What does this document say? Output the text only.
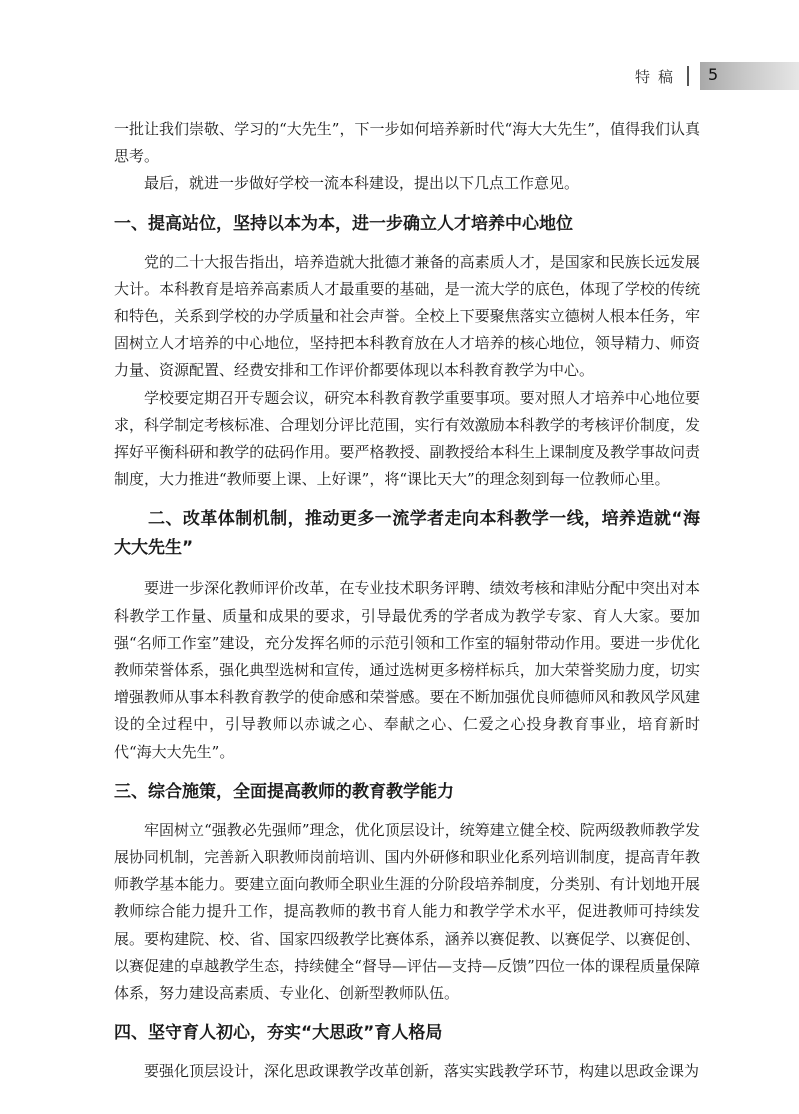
特稿 5

一批让我们崇敬、学习的“大先生”，下一步如何培养新时代“海大大先生”，值得我们认真思考。

最后，就进一步做好学校一流本科建设，提出以下几点工作意见。

一、提高站位，坚持以本为本，进一步确立人才培养中心地位

党的二十大报告指出，培养造就大批德才兼备的高素质人才，是国家和民族长远发展大计。本科教育是培养高素质人才最重要的基础，是一流大学的底色，体现了学校的传统和特色，关系到学校的办学质量和社会声誉。全校上下要聚焦落实立德树人根本任务，牢固树立人才培养的中心地位，坚持把本科教育放在人才培养的核心地位，领导精力、师资力量、资源配置、经费安排和工作评价都要体现以本科教育教学为中心。

学校要定期召开专题会议，研究本科教育教学重要事项。要对照人才培养中心地位要求，科学制定考核标准、合理划分评比范围，实行有效激励本科教学的考核评价制度，发挥好平衡科研和教学的砝码作用。要严格教授、副教授给本科生上课制度及教学事故问责制度，大力推进“教师要上课、上好课”，将“课比天大”的理念刻到每一位教师心里。

二、改革体制机制，推动更多一流学者走向本科教学一线，培养造就“海大大先生”

要进一步深化教师评价改革，在专业技术职务评聘、绩效考核和津贴分配中突出对本科教学工作量、质量和成果的要求，引导最优秀的学者成为教学专家、育人大家。要加强“名师工作室”建设，充分发挥名师的示范引领和工作室的辐射带动作用。要进一步优化教师荣誉体系，强化典型选树和宣传，通过选树更多榜样标兵，加大荣誉奖励力度，切实增强教师从事本科教育教学的使命感和荣誉感。要在不断加强优良师德师风和教风学风建设的全过程中，引导教师以赤诚之心、奉献之心、仁爱之心投身教育事业，培育新时代“海大大先生”。

三、综合施策，全面提高教师的教育教学能力

牢固树立“强教必先强师”理念，优化顶层设计，统筹建立健全校、院两级教师教学发展协同机制，完善新入职教师岗前培训、国内外研修和职业化系列培训制度，提高青年教师教学基本能力。要建立面向教师全职业生涯的分阶段培养制度，分类别、有计划地开展教师综合能力提升工作，提高教师的教书育人能力和教学学术水平，促进教师可持续发展。要构建院、校、省、国家四级教学比赛体系，涵养以赛促教、以赛促学、以赛促创、以赛促建的卓越教学生态，持续健全“督导—评估—支持—反馈”四位一体的课程质量保障体系，努力建设高素质、专业化、创新型教师队伍。

四、坚守育人初心，夯实“大思政”育人格局

要强化顶层设计，深化思政课教学改革创新，落实实践教学环节，构建以思政金课为
